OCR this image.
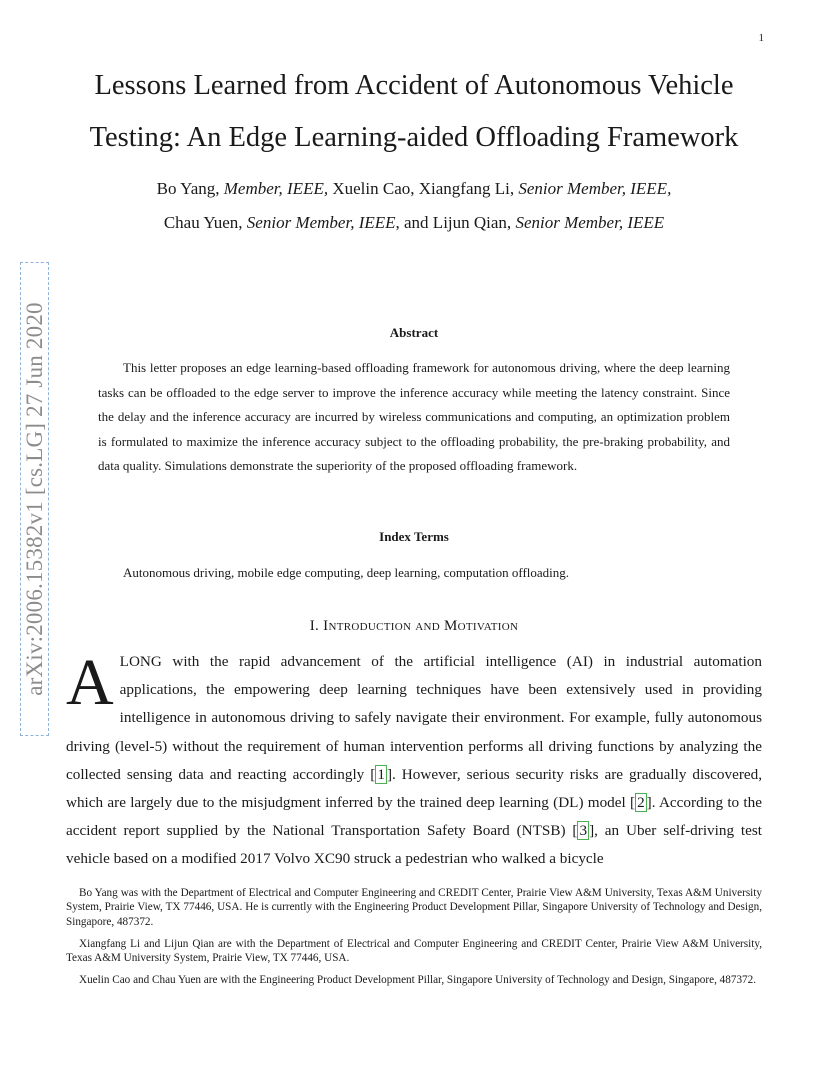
1
arXiv:2006.15382v1 [cs.LG] 27 Jun 2020
Lessons Learned from Accident of Autonomous Vehicle
Testing: An Edge Learning-aided Offloading Framework
Bo Yang, Member, IEEE, Xuelin Cao, Xiangfang Li, Senior Member, IEEE,
Chau Yuen, Senior Member, IEEE, and Lijun Qian, Senior Member, IEEE
Abstract
This letter proposes an edge learning-based offloading framework for autonomous driving, where the deep learning tasks can be offloaded to the edge server to improve the inference accuracy while meeting the latency constraint. Since the delay and the inference accuracy are incurred by wireless communications and computing, an optimization problem is formulated to maximize the inference accuracy subject to the offloading probability, the pre-braking probability, and data quality. Simulations demonstrate the superiority of the proposed offloading framework.
Index Terms
Autonomous driving, mobile edge computing, deep learning, computation offloading.
I. Introduction and Motivation
ALONG with the rapid advancement of the artificial intelligence (AI) in industrial automation applications, the empowering deep learning techniques have been extensively used in providing intelligence in autonomous driving to safely navigate their environment. For example, fully autonomous driving (level-5) without the requirement of human intervention performs all driving functions by analyzing the collected sensing data and reacting accordingly [ 1 ]. However, serious security risks are gradually discovered, which are largely due to the misjudgment inferred by the trained deep learning (DL) model [ 2 ]. According to the accident report supplied by the National Transportation Safety Board (NTSB) [ 3 ], an Uber self-driving test vehicle based on a modified 2017 Volvo XC90 struck a pedestrian who walked a bicycle

Bo Yang was with the Department of Electrical and Computer Engineering and CREDIT Center, Prairie View A&M University, Texas A&M University System, Prairie View, TX 77446, USA. He is currently with the Engineering Product Development Pillar, Singapore University of Technology and Design, Singapore, 487372.

Xiangfang Li and Lijun Qian are with the Department of Electrical and Computer Engineering and CREDIT Center, Prairie View A&M University, Texas A&M University System, Prairie View, TX 77446, USA.

Xuelin Cao and Chau Yuen are with the Engineering Product Development Pillar, Singapore University of Technology and Design, Singapore, 487372.
